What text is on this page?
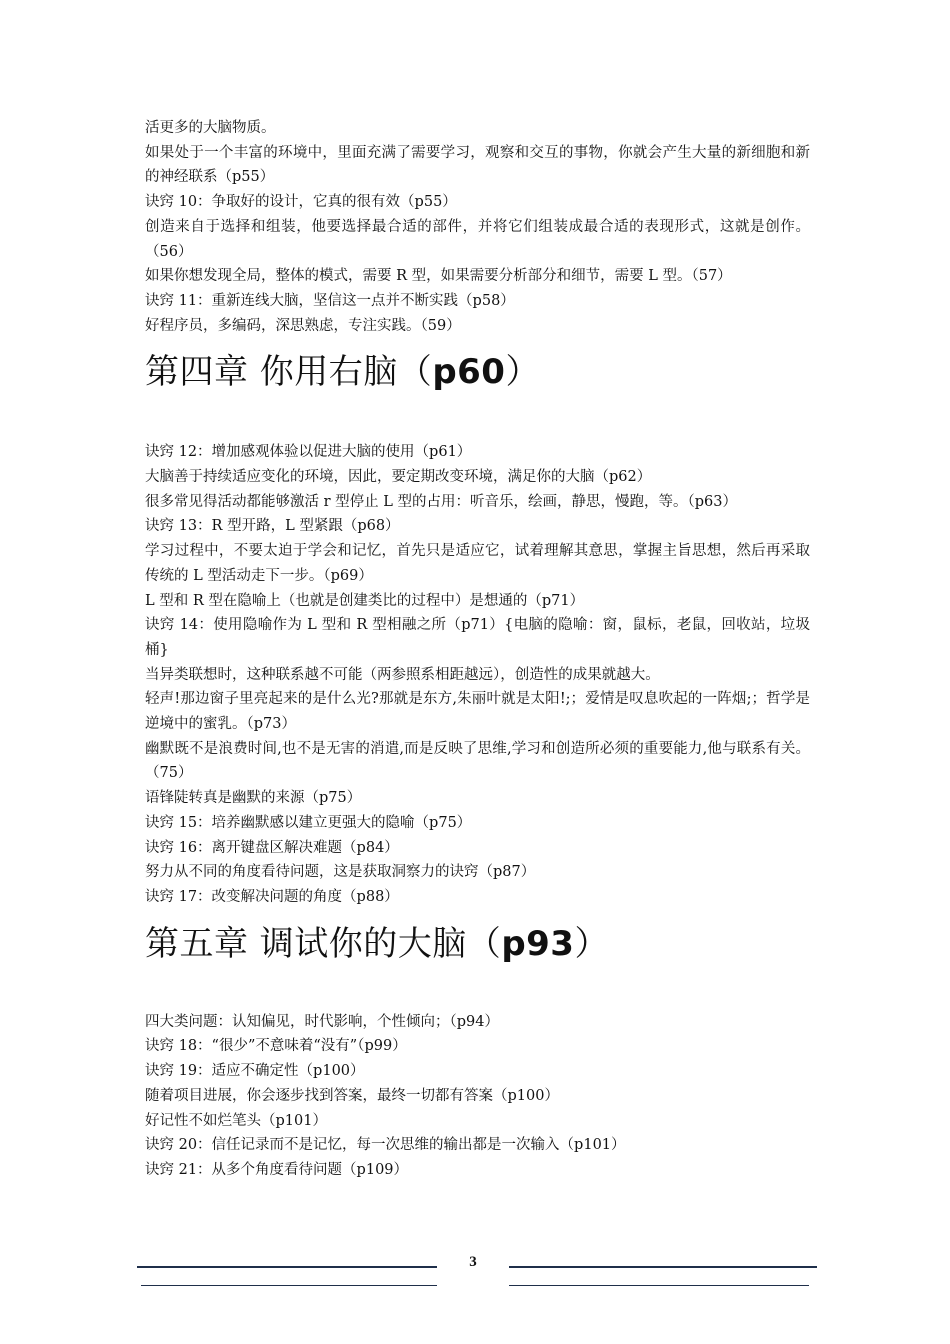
活更多的大脑物质。

如果处于一个丰富的环境中，里面充满了需要学习，观察和交互的事物，你就会产生大量的新细胞和新的神经联系（p55）

诀窍 10：争取好的设计，它真的很有效（p55）

创造来自于选择和组装，他要选择最合适的部件，并将它们组装成最合适的表现形式，这就是创作。（56）

如果你想发现全局，整体的模式，需要 R 型，如果需要分析部分和细节，需要 L 型。（57）

诀窍 11：重新连线大脑，坚信这一点并不断实践（p58）

好程序员，多编码，深思熟虑，专注实践。（59）

第四章 你用右脑（p60）

诀窍 12：增加感观体验以促进大脑的使用（p61）

大脑善于持续适应变化的环境，因此，要定期改变环境，满足你的大脑（p62）

很多常见得活动都能够激活 r 型停止 L 型的占用：听音乐，绘画，静思，慢跑，等。（p63）

诀窍 13：R 型开路，L 型紧跟（p68）

学习过程中，不要太迫于学会和记忆，首先只是适应它，试着理解其意思，掌握主旨思想，然后再采取传统的 L 型活动走下一步。（p69）

L 型和 R 型在隐喻上（也就是创建类比的过程中）是想通的（p71）

诀窍 14：使用隐喻作为 L 型和 R 型相融之所（p71）{电脑的隐喻：窗，鼠标，老鼠，回收站，垃圾桶}

当异类联想时，这种联系越不可能（两参照系相距越远），创造性的成果就越大。

轻声!那边窗子里亮起来的是什么光?那就是东方,朱丽叶就是太阳!;；爱情是叹息吹起的一阵烟;；哲学是逆境中的蜜乳。（p73）

幽默既不是浪费时间,也不是无害的消遣,而是反映了思维,学习和创造所必须的重要能力,他与联系有关。（75）

语锋陡转真是幽默的来源（p75）

诀窍 15：培养幽默感以建立更强大的隐喻（p75）

诀窍 16：离开键盘区解决难题（p84）

努力从不同的角度看待问题，这是获取洞察力的诀窍（p87）

诀窍 17：改变解决问题的角度（p88）

第五章 调试你的大脑（p93）

四大类问题：认知偏见，时代影响，个性倾向；（p94）

诀窍 18：“很少”不意味着“没有”（p99）

诀窍 19：适应不确定性（p100）

随着项目进展，你会逐步找到答案，最终一切都有答案（p100）

好记性不如烂笔头（p101）

诀窍 20：信任记录而不是记忆，每一次思维的输出都是一次输入（p101）

诀窍 21：从多个角度看待问题（p109）

3
